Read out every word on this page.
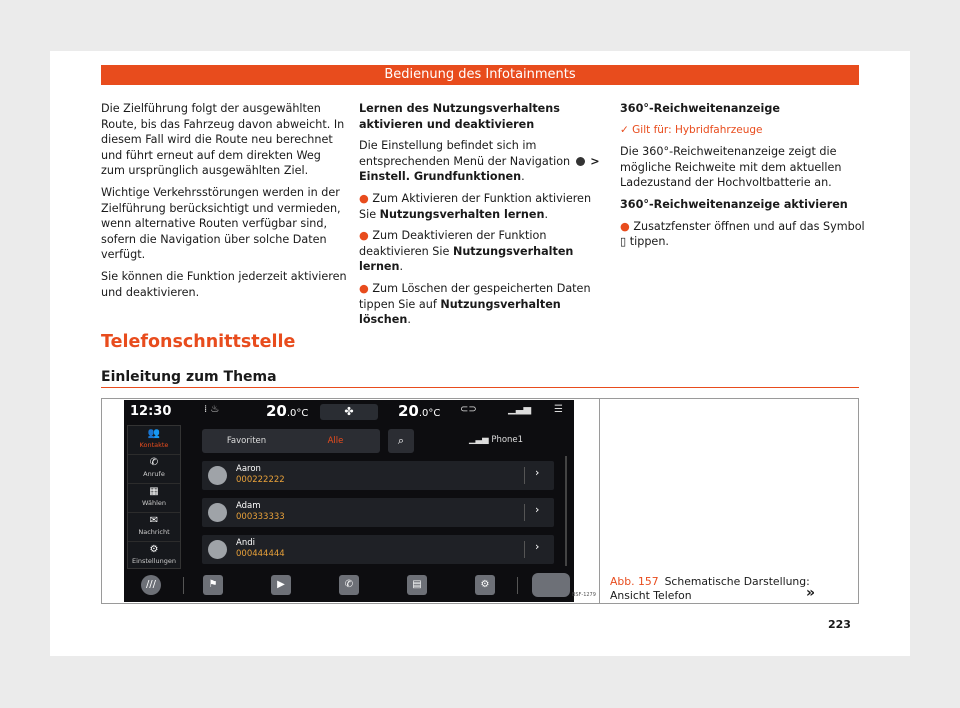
Bedienung des Infotainments

Die Zielführung folgt der ausgewählten Route, bis das Fahrzeug davon abweicht. In diesem Fall wird die Route neu berechnet und führt erneut auf dem direkten Weg zum ursprünglich ausgewählten Ziel.

Wichtige Verkehrsstörungen werden in der Zielführung berücksichtigt und vermieden, wenn alternative Routen verfügbar sind, sofern die Navigation über solche Daten verfügt.

Sie können die Funktion jederzeit aktivieren und deaktivieren.

Lernen des Nutzungsverhaltens aktivieren und deaktivieren

Die Einstellung befindet sich im entsprechenden Menü der Navigation > Einstell. Grundfunktionen.

● Zum Aktivieren der Funktion aktivieren Sie Nutzungsverhalten lernen.

● Zum Deaktivieren der Funktion deaktivieren Sie Nutzungsverhalten lernen.

● Zum Löschen der gespeicherten Daten tippen Sie auf Nutzungsverhalten löschen.

360°-Reichweitenanzeige

✓ Gilt für: Hybridfahrzeuge

Die 360°-Reichweitenanzeige zeigt die mögliche Reichweite mit dem aktuellen Ladezustand der Hochvoltbatterie an.

360°-Reichweitenanzeige aktivieren

● Zusatzfenster öffnen und auf das Symbol ▯ tippen.

Telefonschnittstelle
Einleitung zum Thema
12:30	⁞ ♨	20.0°C	✤	20.0°C ⊂⊃	▁▃▅ ☰
👥
Kontakte
✆
Anrufe
▦
Wählen
✉
Nachricht
⚙
Einstellungen
Favoriten	Alle	⌕	▁▃▅ Phone1
Aaron
000222222
›
Adam
000333333
›
Andi
000444444
›
///	⚑	▶	✆	▤	⚙
BSF-1279
Abb. 157 Schematische Darstellung: Ansicht Telefon	»
223
